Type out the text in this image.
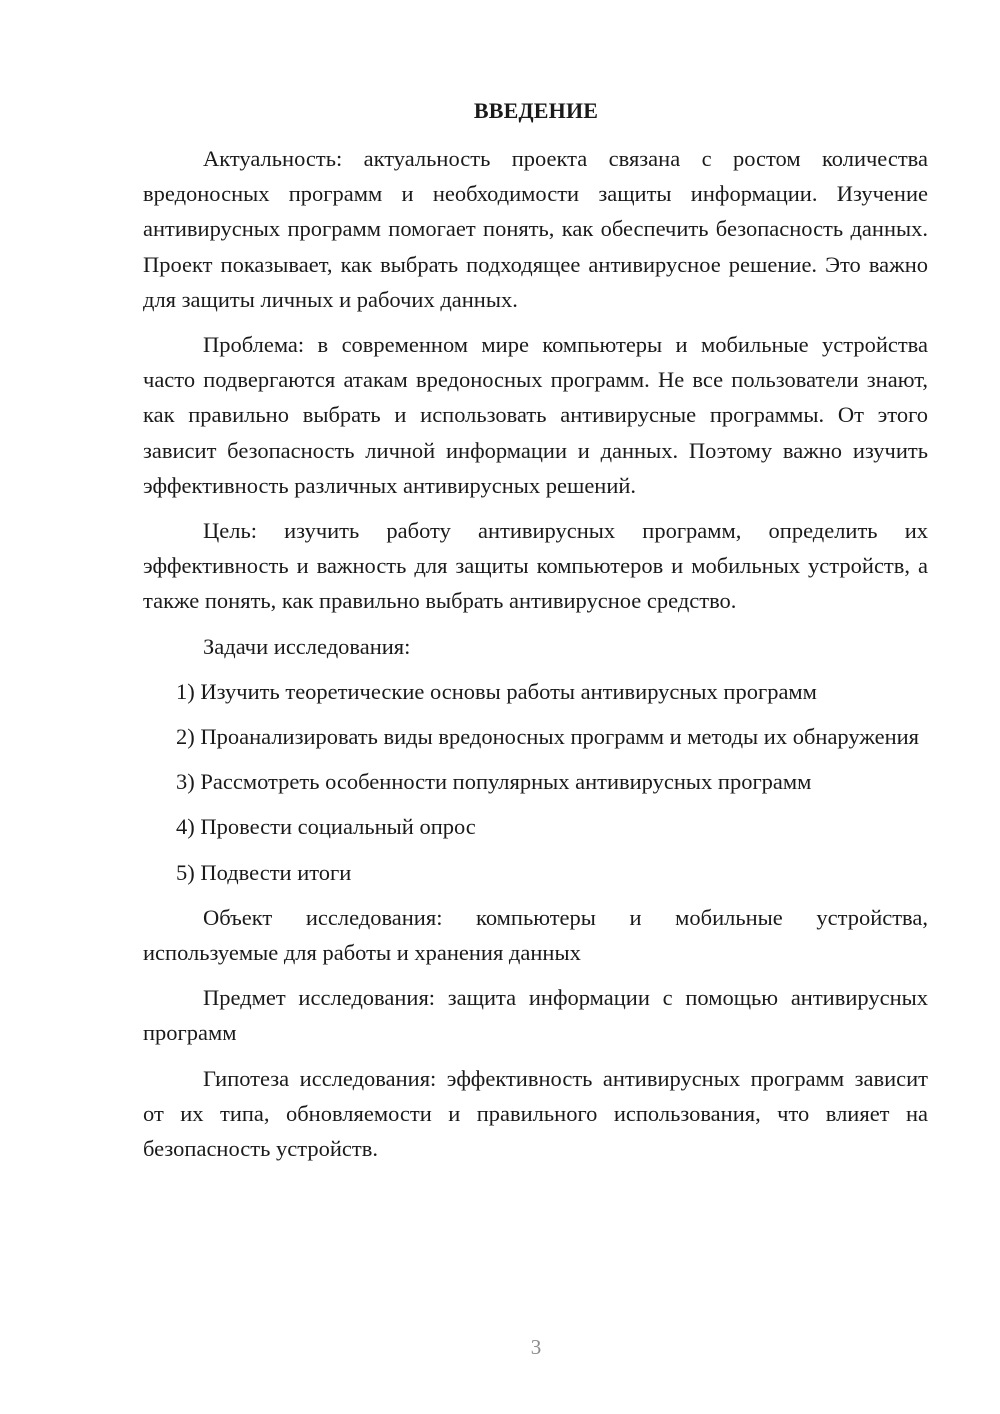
ВВЕДЕНИЕ

Актуальность: актуальность проекта связана с ростом количества вредоносных программ и необходимости защиты информации. Изучение антивирусных программ помогает понять, как обеспечить безопасность данных. Проект показывает, как выбрать подходящее антивирусное решение. Это важно для защиты личных и рабочих данных.

Проблема: в современном мире компьютеры и мобильные устройства часто подвергаются атакам вредоносных программ. Не все пользователи знают, как правильно выбрать и использовать антивирусные программы. От этого зависит безопасность личной информации и данных. Поэтому важно изучить эффективность различных антивирусных решений.

Цель: изучить работу антивирусных программ, определить их эффективность и важность для защиты компьютеров и мобильных устройств, а также понять, как правильно выбрать антивирусное средство.

Задачи исследования:

1) Изучить теоретические основы работы антивирусных программ

2) Проанализировать виды вредоносных программ и методы их обнаружения

3) Рассмотреть особенности популярных антивирусных программ

4) Провести социальный опрос

5) Подвести итоги

Объект исследования: компьютеры и мобильные устройства, используемые для работы и хранения данных

Предмет исследования: защита информации с помощью антивирусных программ

Гипотеза исследования: эффективность антивирусных программ зависит от их типа, обновляемости и правильного использования, что влияет на безопасность устройств.

3
